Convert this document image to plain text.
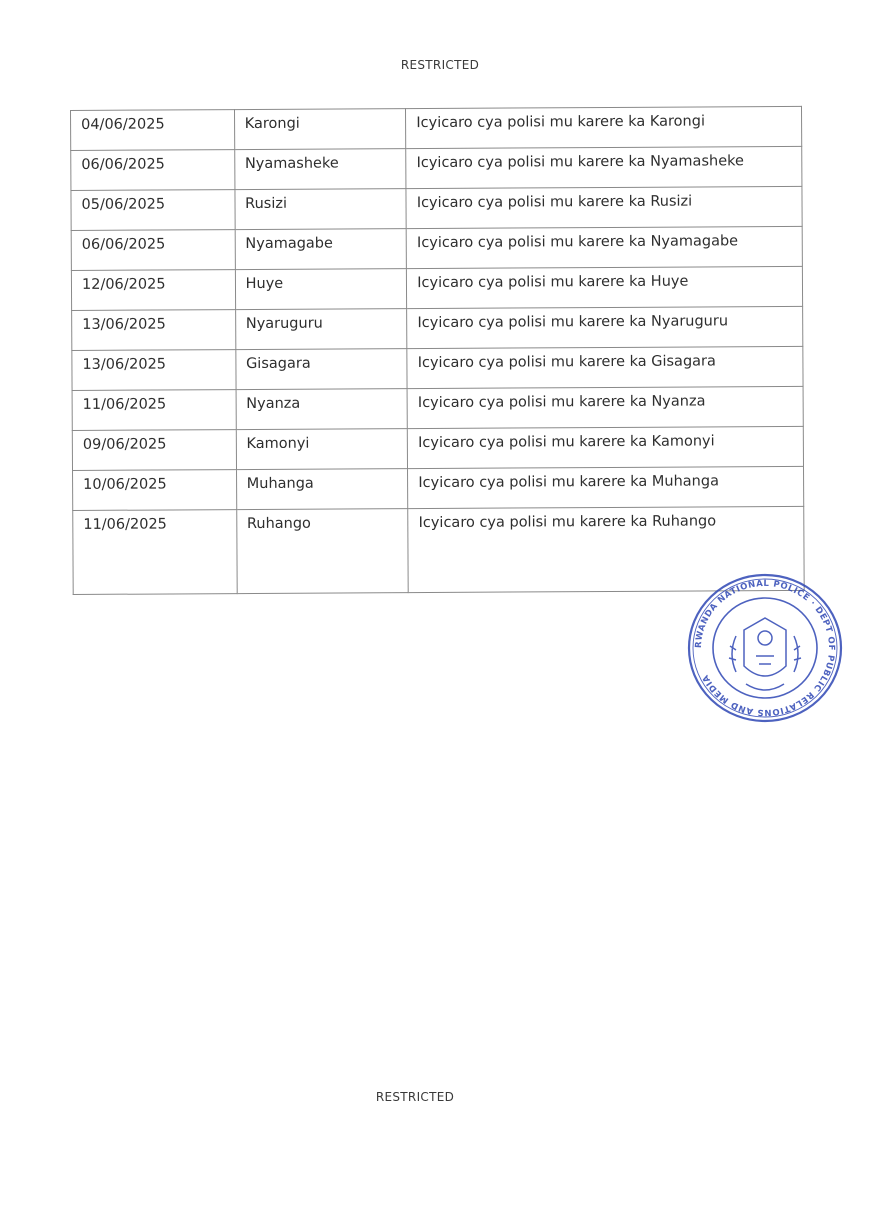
RESTRICTED
04/06/2025	Karongi	Icyicaro cya polisi mu karere ka Karongi
06/06/2025	Nyamasheke	Icyicaro cya polisi mu karere ka Nyamasheke
05/06/2025	Rusizi	Icyicaro cya polisi mu karere ka Rusizi
06/06/2025	Nyamagabe	Icyicaro cya polisi mu karere ka Nyamagabe
12/06/2025	Huye	Icyicaro cya polisi mu karere ka Huye
13/06/2025	Nyaruguru	Icyicaro cya polisi mu karere ka Nyaruguru
13/06/2025	Gisagara	Icyicaro cya polisi mu karere ka Gisagara
11/06/2025	Nyanza	Icyicaro cya polisi mu karere ka Nyanza
09/06/2025	Kamonyi	Icyicaro cya polisi mu karere ka Kamonyi
10/06/2025	Muhanga	Icyicaro cya polisi mu karere ka Muhanga
11/06/2025	Ruhango	Icyicaro cya polisi mu karere ka Ruhango
RWANDA NATIONAL POLICE · DEPT OF PUBLIC RELATIONS AND MEDIA
RESTRICTED
